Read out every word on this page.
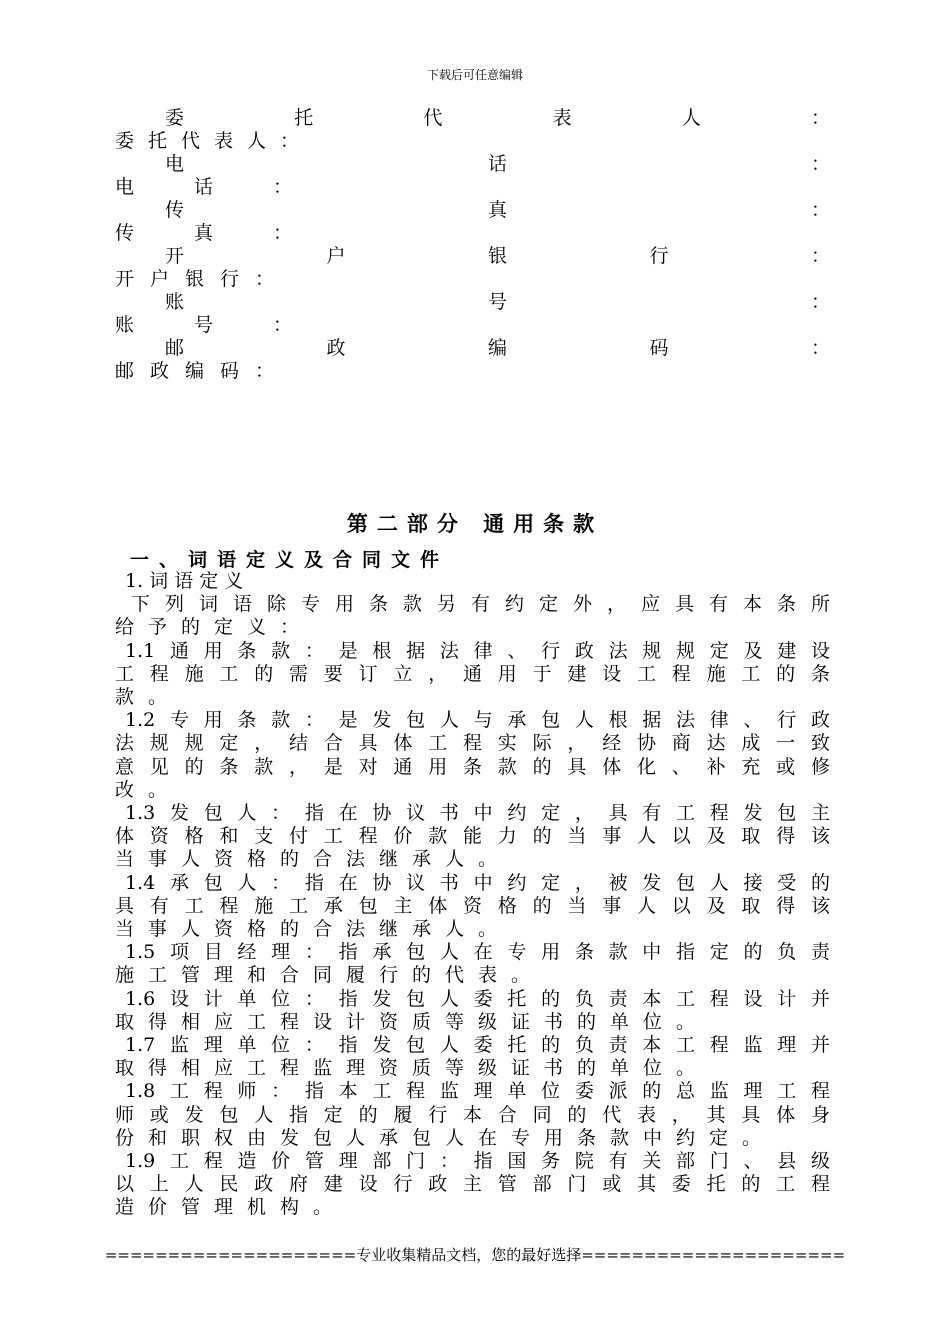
下载后可任意编辑
委托代表人：
委托代表人：
电话：
电话：
传真：
传真：
开户银行：
开户银行：
账号：
账号：
邮政编码：
邮政编码：
第二部分 通用条款
一、词语定义及合同文件
1. 词 语 定 义
下列词语除专用条款另有约定外，应具有本条所
给予的定义：
1.1通用条款：是根据法律、行政法规规定及建设
工程施工的需要订立，通用于建设工程施工的条
款。
1.2专用条款：是发包人与承包人根据法律、行政
法规规定，结合具体工程实际，经协商达成一致
意见的条款，是对通用条款的具体化、补充或修
改。
1.3发包人：指在协议书中约定，具有工程发包主
体资格和支付工程价款能力的当事人以及取得该
当事人资格的合法继承人。
1.4承包人：指在协议书中约定，被发包人接受的
具有工程施工承包主体资格的当事人以及取得该
当事人资格的合法继承人。
1.5项目经理：指承包人在专用条款中指定的负责
施工管理和合同履行的代表。
1.6设计单位：指发包人委托的负责本工程设计并
取得相应工程设计资质等级证书的单位。
1.7监理单位：指发包人委托的负责本工程监理并
取得相应工程监理资质等级证书的单位。
1.8工程师：指本工程监理单位委派的总监理工程
师或发包人指定的履行本合同的代表，其具体身
份和职权由发包人承包人在专用条款中约定。
1.9工程造价管理部门：指国务院有关部门、县级
以上人民政府建设行政主管部门或其委托的工程
造价管理机构。
====================专业收集精品文档，您的最好选择=====================
